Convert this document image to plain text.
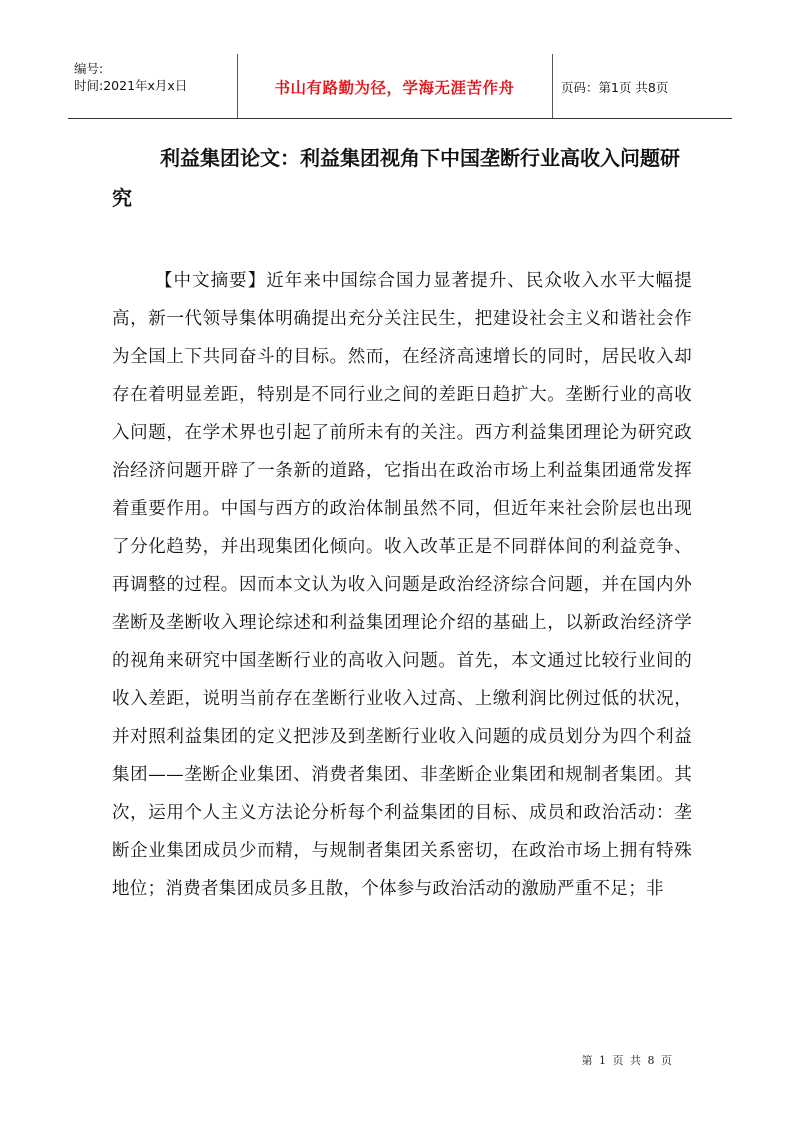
编号:
时间:2021年x月x日	书山有路勤为径，学海无涯苦作舟	页码：第1页 共8页
利益集团论文：利益集团视角下中国垄断行业高收入问题研究
【中文摘要】近年来中国综合国力显著提升、民众收入水平大幅提高，新一代领导集体明确提出充分关注民生，把建设社会主义和谐社会作为全国上下共同奋斗的目标。然而，在经济高速增长的同时，居民收入却存在着明显差距，特别是不同行业之间的差距日趋扩大。垄断行业的高收入问题，在学术界也引起了前所未有的关注。西方利益集团理论为研究政治经济问题开辟了一条新的道路，它指出在政治市场上利益集团通常发挥着重要作用。中国与西方的政治体制虽然不同，但近年来社会阶层也出现了分化趋势，并出现集团化倾向。收入改革正是不同群体间的利益竞争、再调整的过程。因而本文认为收入问题是政治经济综合问题，并在国内外垄断及垄断收入理论综述和利益集团理论介绍的基础上，以新政治经济学的视角来研究中国垄断行业的高收入问题。首先，本文通过比较行业间的收入差距，说明当前存在垄断行业收入过高、上缴利润比例过低的状况，并对照利益集团的定义把涉及到垄断行业收入问题的成员划分为四个利益集团——垄断企业集团、消费者集团、非垄断企业集团和规制者集团。其次，运用个人主义方法论分析每个利益集团的目标、成员和政治活动：垄断企业集团成员少而精，与规制者集团关系密切，在政治市场上拥有特殊地位；消费者集团成员多且散，个体参与政治活动的激励严重不足；非
第 1 页 共 8 页
